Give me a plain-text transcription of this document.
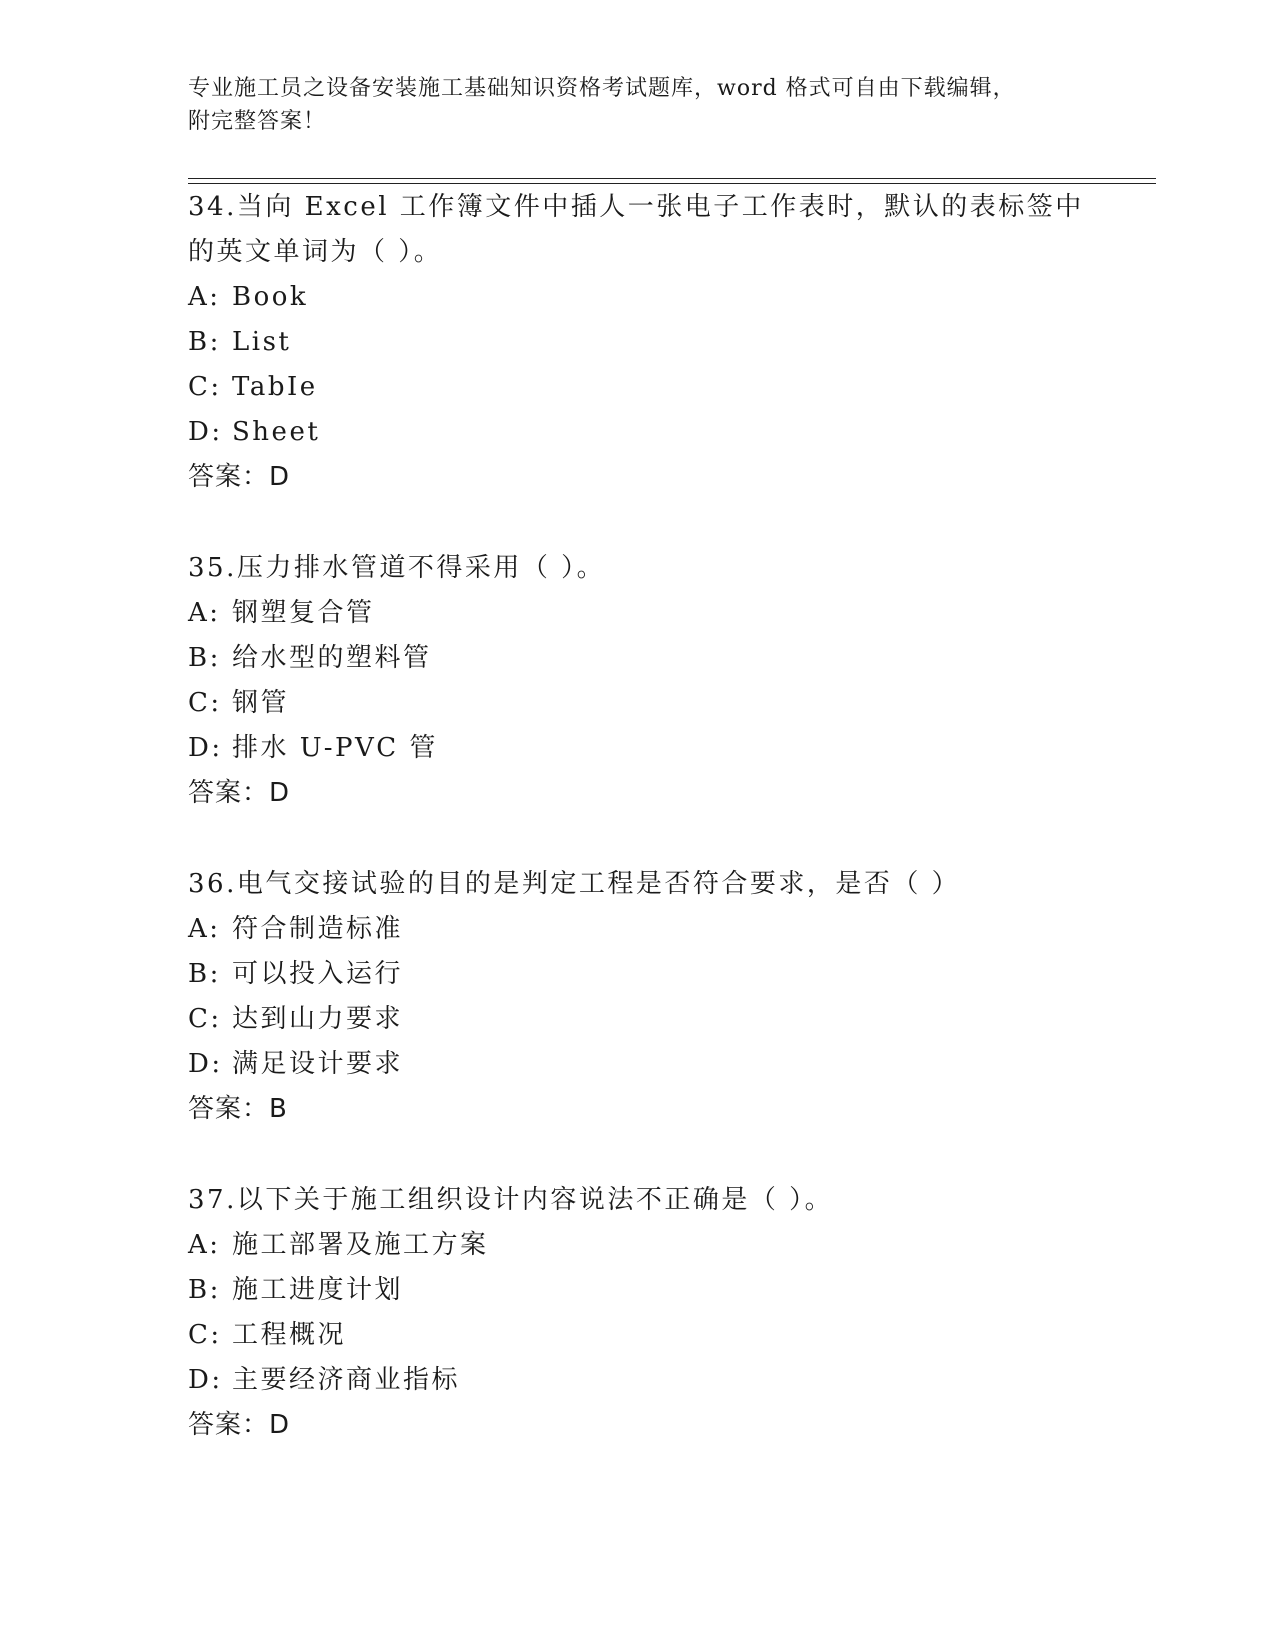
专业施工员之设备安装施工基础知识资格考试题库，word 格式可自由下载编辑，
附完整答案！

34.当向 Excel 工作簿文件中插人一张电子工作表时，默认的表标签中的英文单词为（ ）。

A: Book

B: List

C: TabIe

D: Sheet

答案：D

35.压力排水管道不得采用（ ）。

A: 钢塑复合管

B: 给水型的塑料管

C: 钢管

D: 排水 U-PVC 管

答案：D

36.电气交接试验的目的是判定工程是否符合要求，是否（ ）

A: 符合制造标准

B: 可以投入运行

C: 达到山力要求

D: 满足设计要求

答案：B

37.以下关于施工组织设计内容说法不正确是（ ）。

A: 施工部署及施工方案

B: 施工进度计划

C: 工程概况

D: 主要经济商业指标

答案：D
